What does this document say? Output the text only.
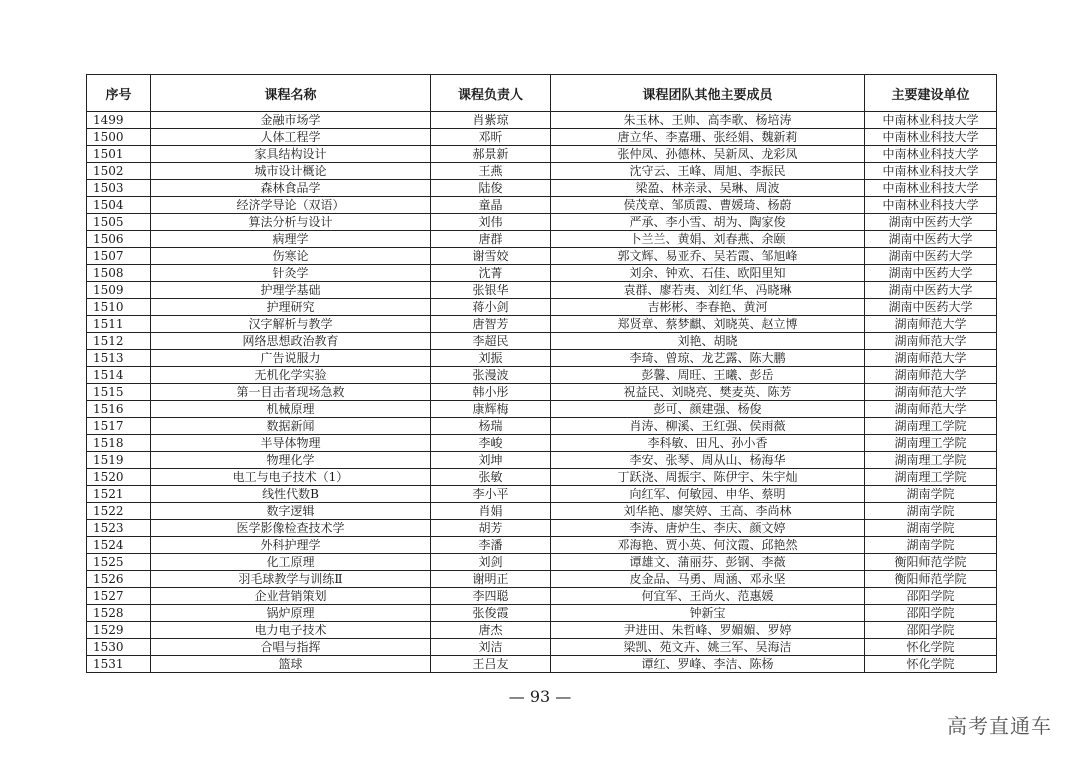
序号	课程名称	课程负责人	课程团队其他主要成员	主要建设单位
1499	金融市场学	肖紫琼	朱玉林、王帅、高李歌、杨培涛	中南林业科技大学
1500	人体工程学	邓昕	唐立华、李嘉珊、张经娟、魏新莉	中南林业科技大学
1501	家具结构设计	郝景新	张仲凤、孙德林、吴新凤、龙彩凤	中南林业科技大学
1502	城市设计概论	王燕	沈守云、王峰、周旭、李振民	中南林业科技大学
1503	森林食品学	陆俊	梁盈、林亲录、吴琳、周波	中南林业科技大学
1504	经济学导论（双语）	童晶	侯茂章、邹质霞、曹媛琦、杨蔚	中南林业科技大学
1505	算法分析与设计	刘伟	严承、李小雪、胡为、陶家俊	湖南中医药大学
1506	病理学	唐群	卜兰兰、黄娟、刘春燕、余颐	湖南中医药大学
1507	伤寒论	谢雪姣	郭文辉、易亚乔、吴若霞、邹旭峰	湖南中医药大学
1508	针灸学	沈菁	刘余、钟欢、石佳、欧阳里知	湖南中医药大学
1509	护理学基础	张银华	袁群、廖若夷、刘红华、冯晓琳	湖南中医药大学
1510	护理研究	蒋小剑	吉彬彬、李春艳、黄河	湖南中医药大学
1511	汉字解析与教学	唐智芳	郑贤章、蔡梦麒、刘晓英、赵立博	湖南师范大学
1512	网络思想政治教育	李超民	刘艳、胡晓	湖南师范大学
1513	广告说服力	刘振	李琦、曾琼、龙艺露、陈大鹏	湖南师范大学
1514	无机化学实验	张漫波	彭馨、周旺、王曦、彭岳	湖南师范大学
1515	第一目击者现场急救	韩小彤	祝益民、刘晓亮、樊麦英、陈芳	湖南师范大学
1516	机械原理	康辉梅	彭可、颜建强、杨俊	湖南师范大学
1517	数据新闻	杨瑞	肖涛、柳溪、王红强、侯雨薇	湖南理工学院
1518	半导体物理	李峻	李科敏、田凡、孙小香	湖南理工学院
1519	物理化学	刘坤	李安、张琴、周从山、杨海华	湖南理工学院
1520	电工与电子技术（1）	张敏	丁跃浇、周振宇、陈伊宇、朱宇灿	湖南理工学院
1521	线性代数B	李小平	向红军、何敏园、申华、蔡明	湖南学院
1522	数字逻辑	肖娟	刘华艳、廖笑婷、王高、李尚林	湖南学院
1523	医学影像检查技术学	胡芳	李涛、唐炉生、李庆、颜文婷	湖南学院
1524	外科护理学	李潘	邓海艳、贾小英、何汶霞、邱艳然	湖南学院
1525	化工原理	刘剑	谭雄文、蒲丽芬、彭钢、李薇	衡阳师范学院
1526	羽毛球教学与训练Ⅱ	谢明正	皮金品、马勇、周涵、邓永坚	衡阳师范学院
1527	企业营销策划	李四聪	何宜军、王尚火、范惠媛	邵阳学院
1528	锅炉原理	张俊霞	钟新宝	邵阳学院
1529	电力电子技术	唐杰	尹进田、朱哲峰、罗媚媚、罗婷	邵阳学院
1530	合唱与指挥	刘洁	梁凯、苑文卉、姚三军、吴海洁	怀化学院
1531	篮球	王吕友	谭红、罗峰、李洁、陈杨	怀化学院
— 93 —
高考直通车
